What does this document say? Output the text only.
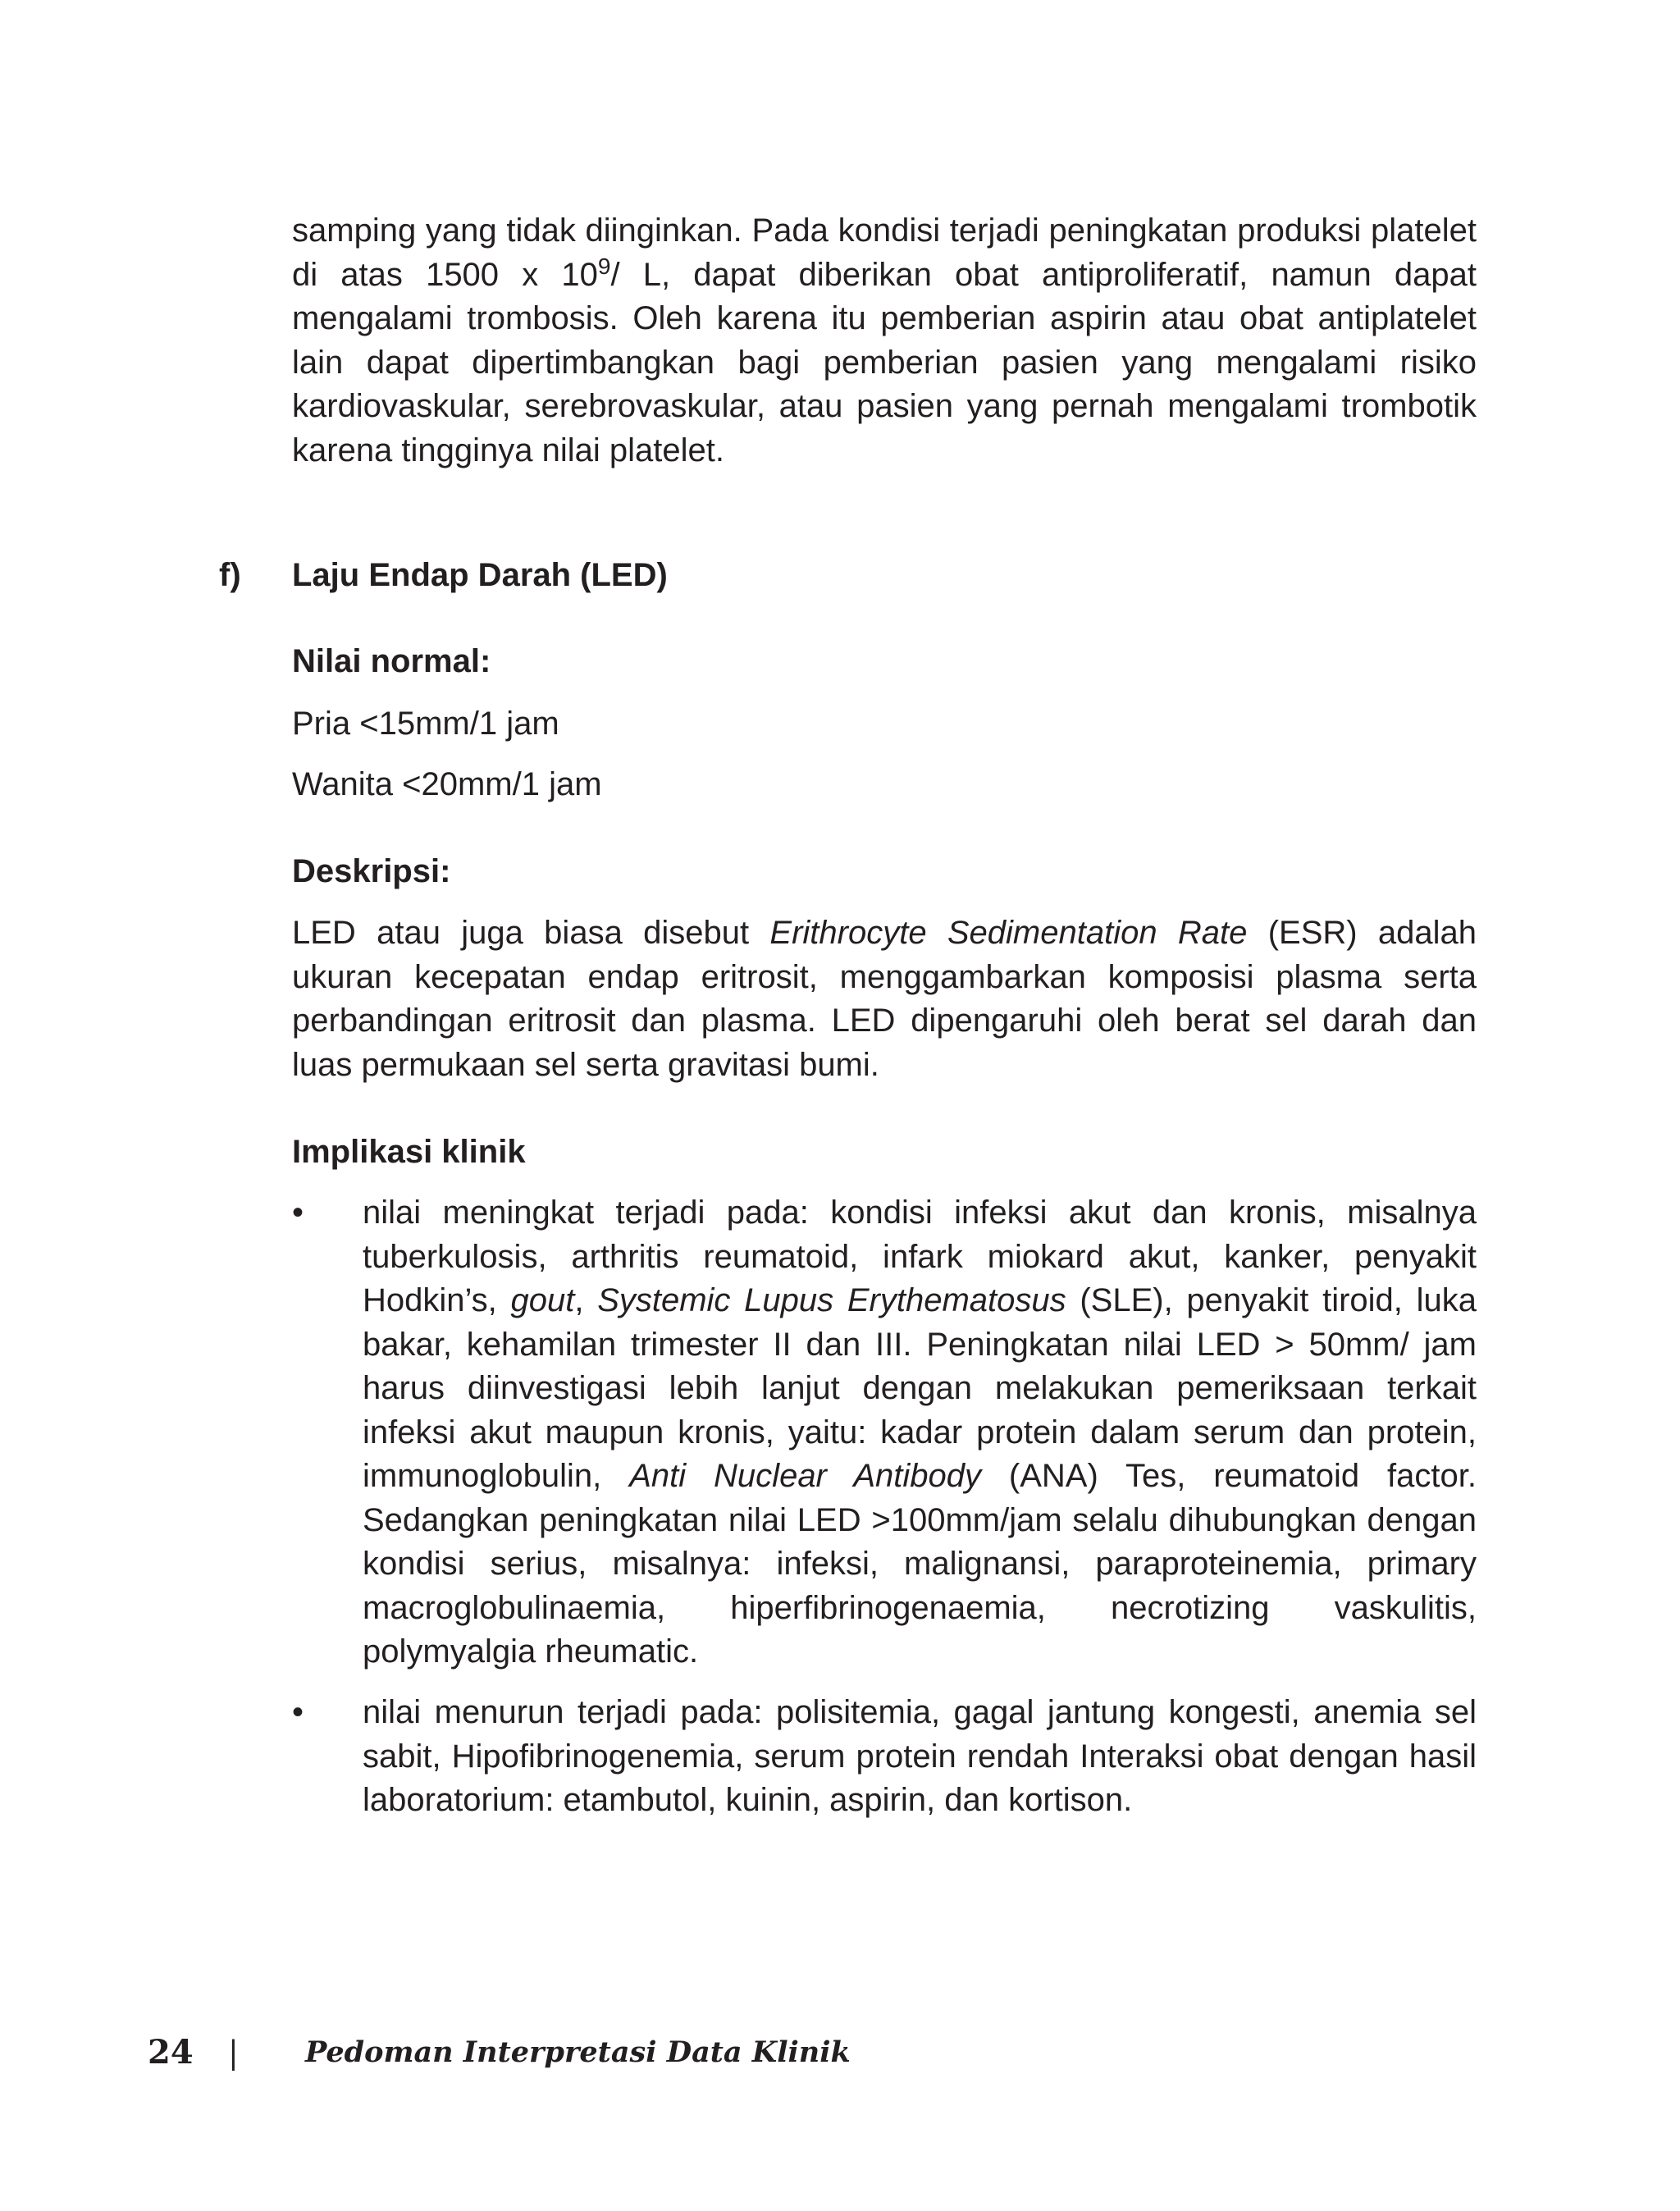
samping yang tidak diinginkan. Pada kondisi terjadi peningkatan produksi platelet di atas 1500 x $10^9/$ L, dapat diberikan obat antiproliferatif, namun dapat mengalami trombosis. Oleh karena itu pemberian aspirin atau obat antiplatelet lain dapat dipertimbangkan bagi pemberian pasien yang mengalami risiko kardiovaskular, serebrovaskular, atau pasien yang pernah mengalami trombotik karena tingginya nilai platelet.

f) Laju Endap Darah (LED)

Nilai normal:

Pria <15mm/1 jam

Wanita <20mm/1 jam

Deskripsi:

LED atau juga biasa disebut Erithrocyte Sedimentation Rate (ESR) adalah ukuran kecepatan endap eritrosit, menggambarkan komposisi plasma serta perbandingan eritrosit dan plasma. LED dipengaruhi oleh berat sel darah dan luas permukaan sel serta gravitasi bumi.

Implikasi klinik

•	nilai meningkat terjadi pada: kondisi infeksi akut dan kronis, misalnya tuberkulosis, arthritis reumatoid, infark miokard akut, kanker, penyakit Hodkin’s, gout, Systemic Lupus Erythematosus (SLE), penyakit tiroid, luka bakar, kehamilan trimester II dan III. Peningkatan nilai LED > 50mm/ jam harus diinvestigasi lebih lanjut dengan melakukan pemeriksaan terkait infeksi akut maupun kronis, yaitu: kadar protein dalam serum dan protein, immunoglobulin, Anti Nuclear Antibody (ANA) Tes, reumatoid factor. Sedangkan peningkatan nilai LED >100mm/jam selalu dihubungkan dengan kondisi serius, misalnya: infeksi, malignansi, paraproteinemia, primary macroglobulinaemia, hiperfibrinogenaemia, necrotizing vaskulitis, polymyalgia rheumatic.

•	nilai menurun terjadi pada: polisitemia, gagal jantung kongesti, anemia sel sabit, Hipofibrinogenemia, serum protein rendah Interaksi obat dengan hasil laboratorium: etambutol, kuinin, aspirin, dan kortison.

24 | Pedoman Interpretasi Data Klinik
